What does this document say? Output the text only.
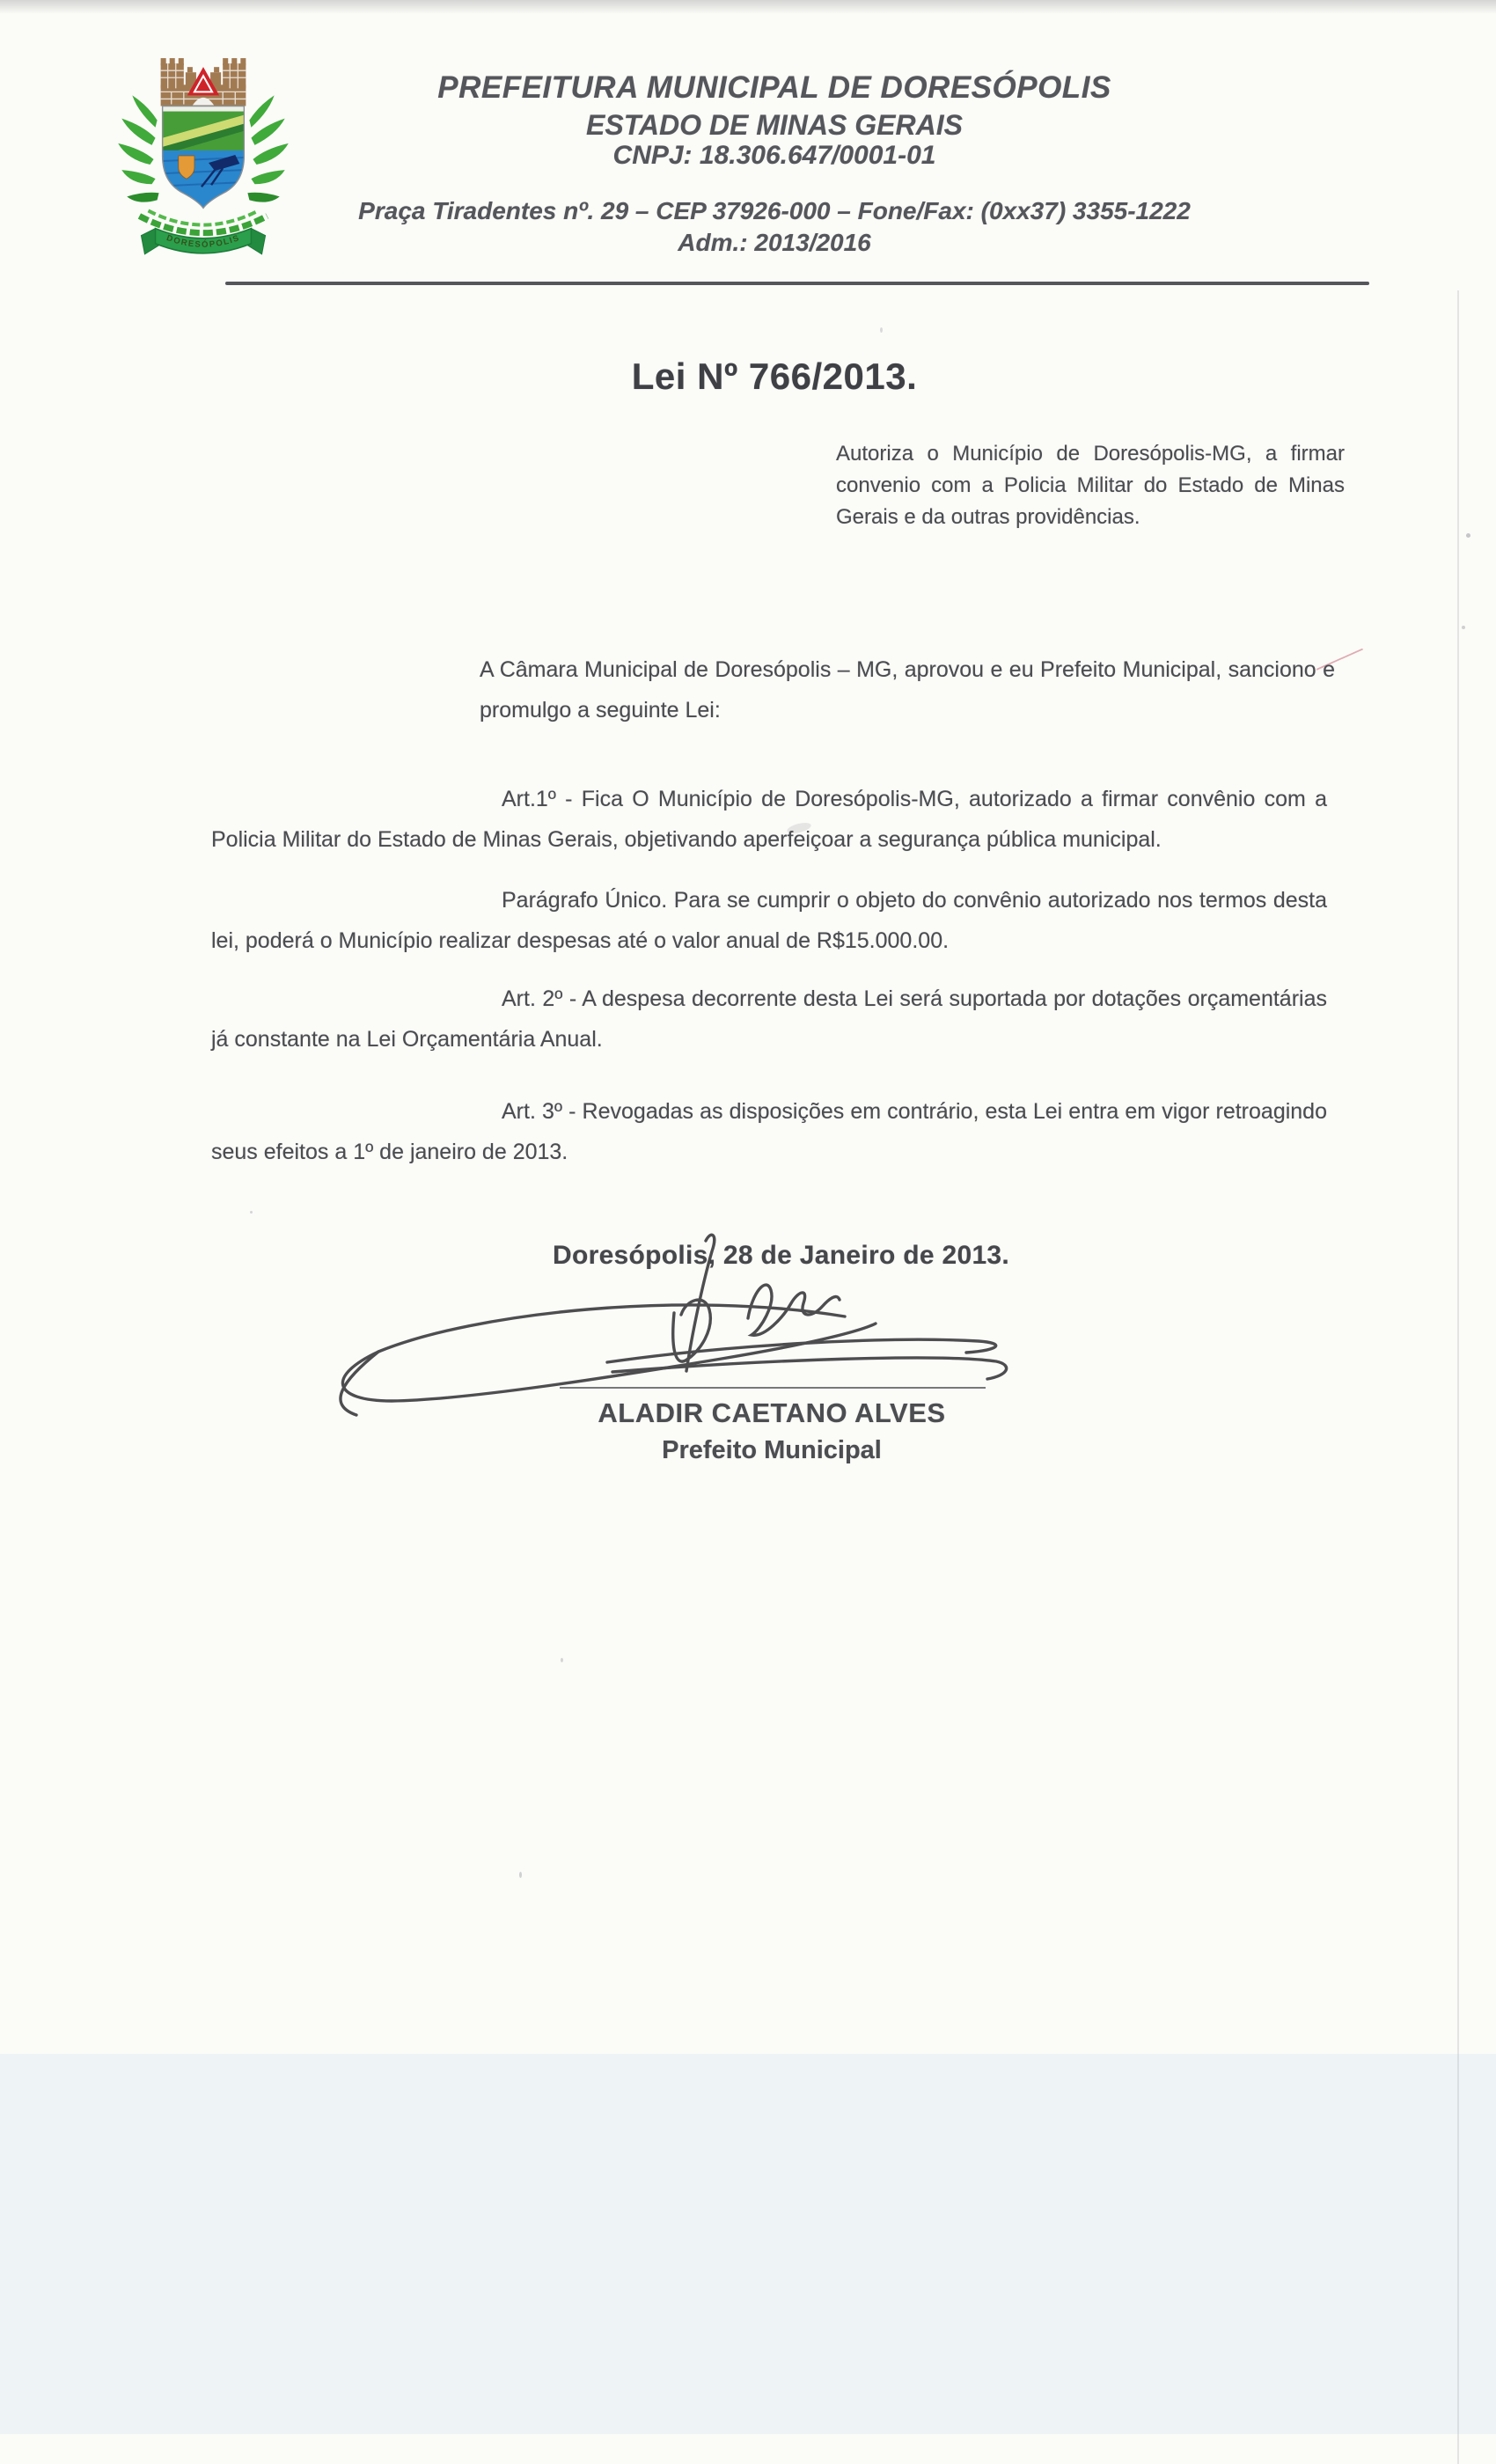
DORESÓPOLIS
PREFEITURA MUNICIPAL DE DORESÓPOLIS
ESTADO DE MINAS GERAIS
CNPJ: 18.306.647/0001-01
Praça Tiradentes nº. 29 – CEP 37926-000 – Fone/Fax: (0xx37) 3355-1222
Adm.: 2013/2016
Lei Nº 766/2013.
Autoriza o Município de Doresópolis-MG, a firmar convenio com a Policia Militar do Estado de Minas Gerais e da outras providências.
A Câmara Municipal de Doresópolis – MG, aprovou e eu Prefeito Municipal, sanciono e promulgo a seguinte Lei:
Art.1º - Fica O Município de Doresópolis-MG, autorizado a firmar convênio com a Policia Militar do Estado de Minas Gerais, objetivando aperfeiçoar a segurança pública municipal.
Parágrafo Único. Para se cumprir o objeto do convênio autorizado nos termos desta lei, poderá o Município realizar despesas até o valor anual de R$15.000.00.
Art. 2º - A despesa decorrente desta Lei será suportada por dotações orçamentárias já constante na Lei Orçamentária Anual.
Art. 3º - Revogadas as disposições em contrário, esta Lei entra em vigor retroagindo seus efeitos a 1º de janeiro de 2013.
Doresópolis, 28 de Janeiro de 2013.
ALADIR CAETANO ALVES
Prefeito Municipal
